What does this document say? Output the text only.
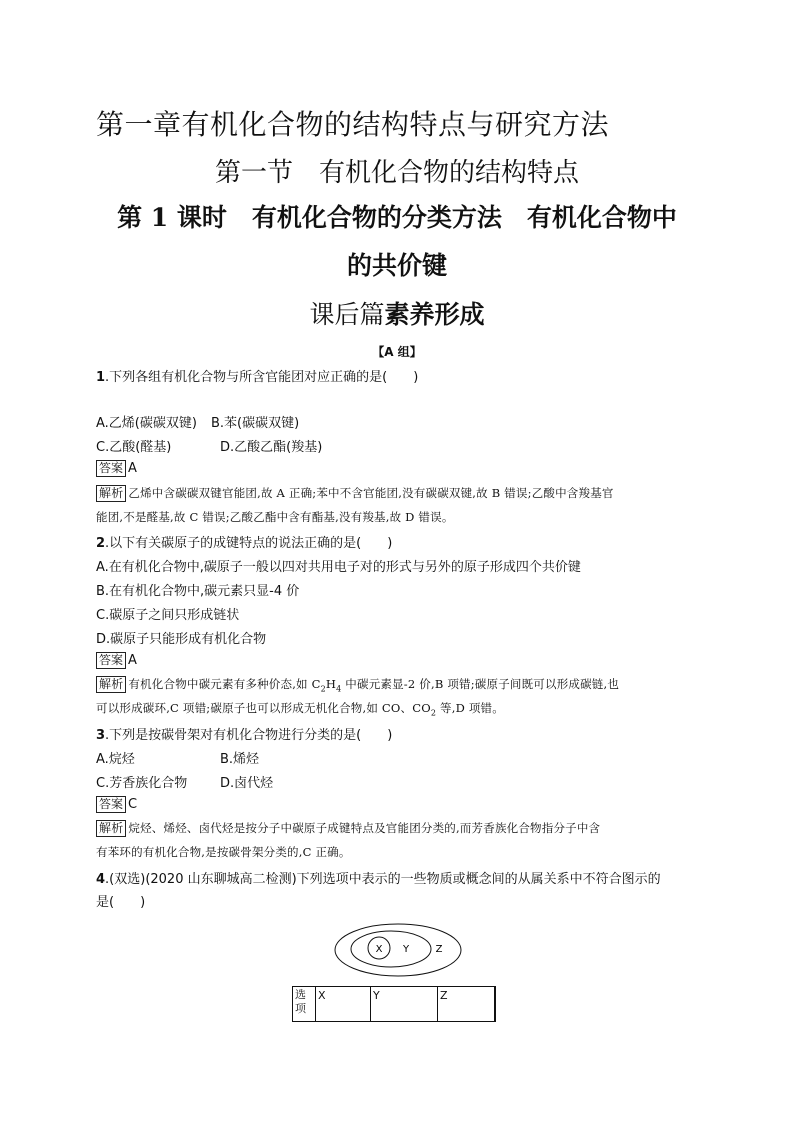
第一章有机化合物的结构特点与研究方法
第一节　有机化合物的结构特点
第 1 课时　有机化合物的分类方法　有机化合物中
的共价键
课后篇素养形成
【A 组】
1.下列各组有机化合物与所含官能团对应正确的是(　　)
A.乙烯(碳碳双键) B.苯(碳碳双键)
C.乙酸(醛基)	D.乙酸乙酯(羧基)
答案 A
解析 乙烯中含碳碳双键官能团,故 A 正确;苯中不含官能团,没有碳碳双键,故 B 错误;乙酸中含羧基官
能团,不是醛基,故 C 错误;乙酸乙酯中含有酯基,没有羧基,故 D 错误。
2.以下有关碳原子的成键特点的说法正确的是(　　)
A.在有机化合物中,碳原子一般以四对共用电子对的形式与另外的原子形成四个共价键
B.在有机化合物中,碳元素只显-4 价
C.碳原子之间只形成链状
D.碳原子只能形成有机化合物
答案 A
解析 有机化合物中碳元素有多种价态,如 $C_2H_4$ 中碳元素显-2 价,B 项错;碳原子间既可以形成碳链,也
可以形成碳环,C 项错;碳原子也可以形成无机化合物,如 CO、$CO_2$ 等,D 项错。
3.下列是按碳骨架对有机化合物进行分类的是(　　)
A.烷烃	B.烯烃
C.芳香族化合物	D.卤代烃
答案 C
解析 烷烃、烯烃、卤代烃是按分子中碳原子成键特点及官能团分类的,而芳香族化合物指分子中含
有苯环的有机化合物,是按碳骨架分类的,C 正确。
4.(双选)(2020 山东聊城高二检测)下列选项中表示的一些物质或概念间的从属关系中不符合图示的
是(　　)
X Y	Z
选项	X	Y	Z
